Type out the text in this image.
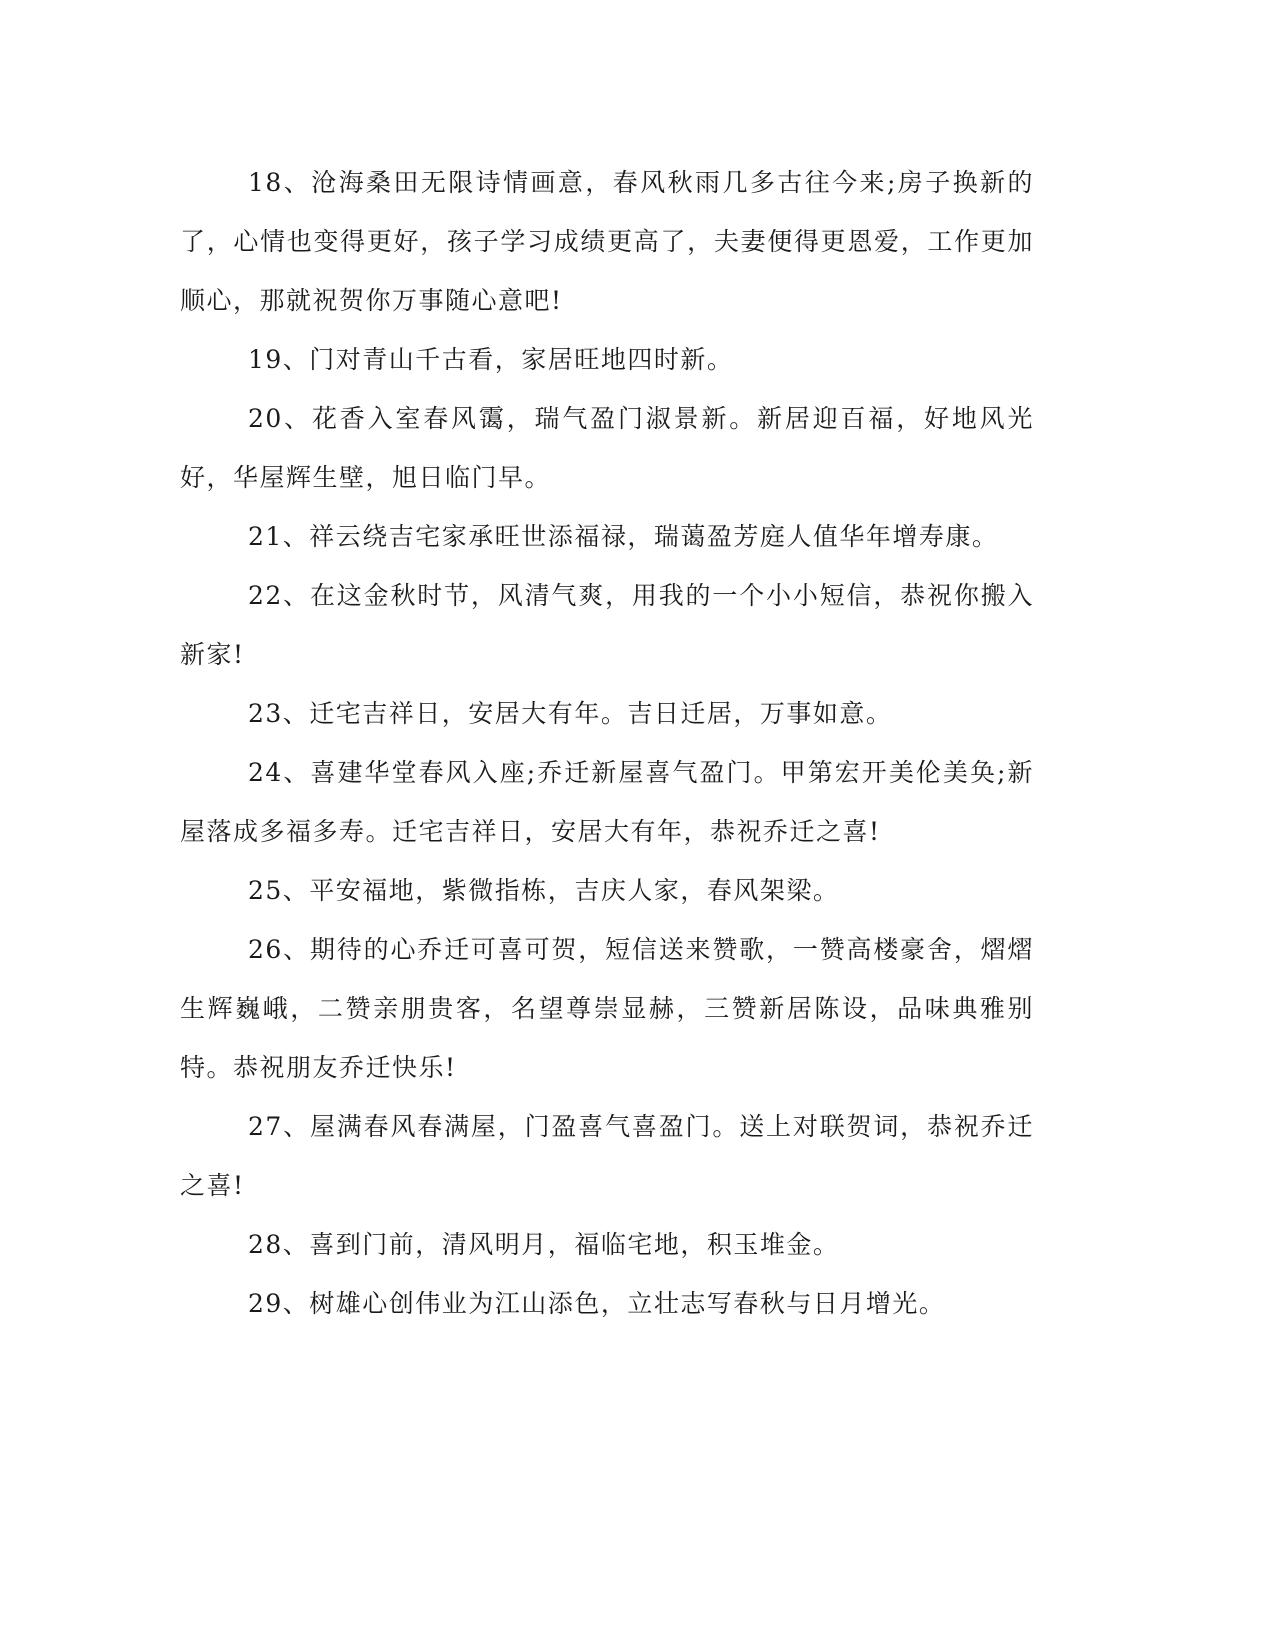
18、沧海桑田无限诗情画意，春风秋雨几多古往今来;房子换新的了，心情也变得更好，孩子学习成绩更高了，夫妻便得更恩爱，工作更加顺心，那就祝贺你万事随心意吧!

19、门对青山千古看，家居旺地四时新。

20、花香入室春风霭，瑞气盈门淑景新。新居迎百福，好地风光好，华屋辉生壁，旭日临门早。

21、祥云绕吉宅家承旺世添福禄，瑞蔼盈芳庭人值华年增寿康。

22、在这金秋时节，风清气爽，用我的一个小小短信，恭祝你搬入新家!

23、迁宅吉祥日，安居大有年。吉日迁居，万事如意。

24、喜建华堂春风入座;乔迁新屋喜气盈门。甲第宏开美伦美奂;新屋落成多福多寿。迁宅吉祥日，安居大有年，恭祝乔迁之喜!

25、平安福地，紫微指栋，吉庆人家，春风架梁。

26、期待的心乔迁可喜可贺，短信送来赞歌，一赞高楼豪舍，熠熠生辉巍峨，二赞亲朋贵客，名望尊崇显赫，三赞新居陈设，品味典雅别特。恭祝朋友乔迁快乐!

27、屋满春风春满屋，门盈喜气喜盈门。送上对联贺词，恭祝乔迁之喜!

28、喜到门前，清风明月，福临宅地，积玉堆金。

29、树雄心创伟业为江山添色，立壮志写春秋与日月增光。
